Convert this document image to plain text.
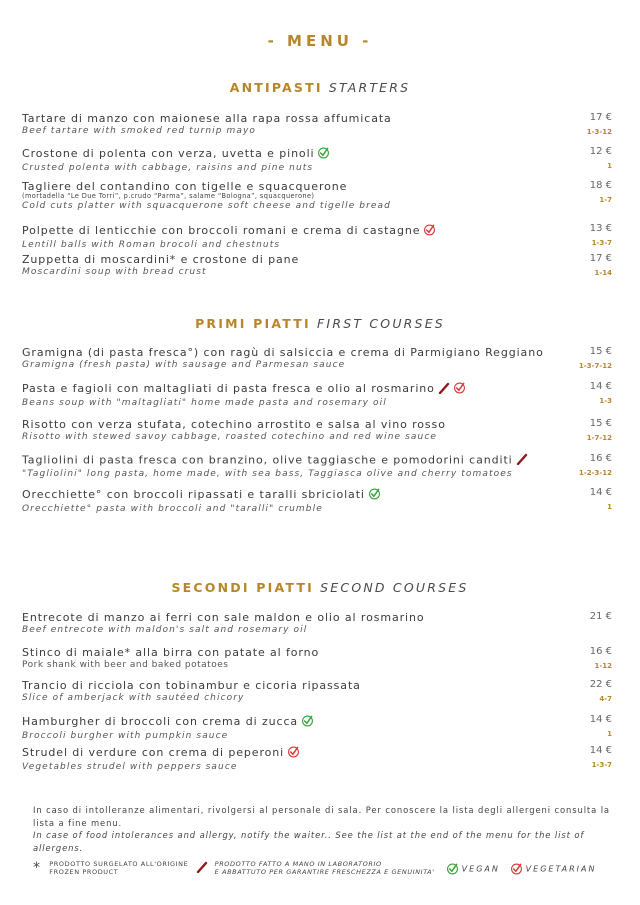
- MENU -
ANTIPASTI STARTERS
Tartare di manzo con maionese alla rapa rossa affumicata
Beef tartare with smoked red turnip mayo
17 €
1-3-12
Crostone di polenta con verza, uvetta e pinoli
Crusted polenta with cabbage, raisins and pine nuts
12 €
1
Tagliere del contandino con tigelle e squacquerone
(mortadella “Le Due Torri”, p.crudo “Parma”, salame “Bologna”, squacquerone)
Cold cuts platter with squacquerone soft cheese and tigelle bread
18 €
1-7
Polpette di lenticchie con broccoli romani e crema di castagne
Lentill balls with Roman brocoli and chestnuts
13 €
1-3-7
Zuppetta di moscardini* e crostone di pane
Moscardini soup with bread crust
17 €
1-14
PRIMI PIATTI FIRST COURSES
Gramigna (di pasta fresca°) con ragù di salsiccia e crema di Parmigiano Reggiano
Gramigna (fresh pasta) with sausage and Parmesan sauce
15 €
1-3-7-12
Pasta e fagioli con maltagliati di pasta fresca e olio al rosmarino
Beans soup with "maltagliati" home made pasta and rosemary oil
14 €
1-3
Risotto con verza stufata, cotechino arrostito e salsa al vino rosso
Risotto with stewed savoy cabbage, roasted cotechino and red wine sauce
15 €
1-7-12
Tagliolini di pasta fresca con branzino, olive taggiasche e pomodorini canditi
"Tagliolini" long pasta, home made, with sea bass, Taggiasca olive and cherry tomatoes
16 €
1-2-3-12
Orecchiette° con broccoli ripassati e taralli sbriciolati
Orecchiette° pasta with broccoli and "taralli" crumble
14 €
1
SECONDI PIATTI SECOND COURSES
Entrecote di manzo ai ferri con sale maldon e olio al rosmarino
Beef entrecote with maldon's salt and rosemary oil
21 €
Stinco di maiale* alla birra con patate al forno
Pork shank with beer and baked potatoes
16 €
1-12
Trancio di ricciola con tobinambur e cicoria ripassata
Slice of amberjack with sautéed chicory
22 €
4-7
Hamburgher di broccoli con crema di zucca
Broccoli burgher with pumpkin sauce
14 €
1
Strudel di verdure con crema di peperoni
Vegetables strudel with peppers sauce
14 €
1-3-7
In caso di intolleranze alimentari, rivolgersi al personale di sala. Per conoscere la lista degli allergeni consulta la lista a fine menu.
In case of food intolerances and allergy, notify the waiter.. See the list at the end of the menu for the list of allergens.
* PRODOTTO SURGELATO ALL'ORIGINE
FROZEN PRODUCT
PRODOTTO FATTO A MANO IN LABORATORIO
E ABBATTUTO PER GARANTIRE FRESCHEZZA E GENUINITA'	VEGAN	VEGETARIAN
